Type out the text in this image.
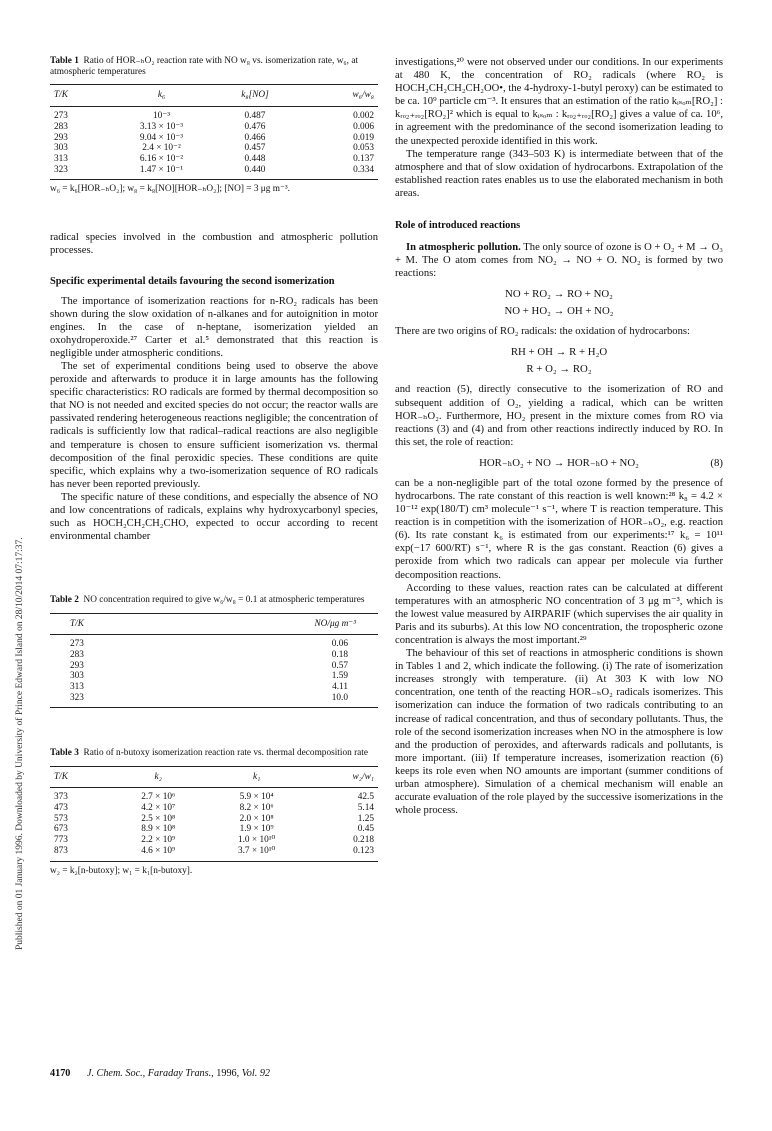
Published on 01 January 1996. Downloaded by University of Prince Edward Island on 28/10/2014 07:17:37.
Table 1 Ratio of HOR₋ₕO₂ reaction rate with NO w₈ vs. isomerization rate, w₆, at atmospheric temperatures
T/K	k₆	k₈[NO]	w₆/w₈
273	10⁻³	0.487	0.002
283	3.13 × 10⁻³	0.476	0.006
293	9.04 × 10⁻³	0.466	0.019
303	2.4 × 10⁻²	0.457	0.053
313	6.16 × 10⁻²	0.448	0.137
323	1.47 × 10⁻¹	0.440	0.334
w₆ = k₆[HOR₋ₕO₂]; w₈ = k₈[NO][HOR₋ₕO₂]; [NO] = 3 μg m⁻³.

radical species involved in the combustion and atmospheric pollution processes.

Specific experimental details favouring the second isomerization

The importance of isomerization reactions for n-RO₂ radicals has been shown during the slow oxidation of n-alkanes and for autoignition in motor engines. In the case of n-heptane, isomerization yielded an oxohydroperoxide.²⁷ Carter et al.⁵ demonstrated that this reaction is negligible under atmospheric conditions.

The set of experimental conditions being used to observe the above peroxide and afterwards to produce it in large amounts has the following specific characteristics: RO radicals are formed by thermal decomposition so that NO is not needed and excited species do not occur; the reactor walls are passivated rendering heterogeneous reactions negligible; the concentration of radicals is sufficiently low that radical–radical reactions are also negligible and temperature is chosen to ensure sufficient isomerization vs. thermal decomposition of the final peroxidic species. These conditions are quite specific, which explains why a two-isomerization sequence of RO radicals has never been reported previously.

The specific nature of these conditions, and especially the absence of NO and low concentrations of radicals, explains why hydroxycarbonyl species, such as HOCH₂CH₂CH₂CHO, expected to occur according to recent environmental chamber

Table 2 NO concentration required to give w₆/w₈ = 0.1 at atmospheric temperatures
T/K	NO/μg m⁻³
273	0.06
283	0.18
293	0.57
303	1.59
313	4.11
323	10.0
Table 3 Ratio of n-butoxy isomerization reaction rate vs. thermal decomposition rate
T/K	k₂	k₁	w₂/w₁
373	2.7 × 10⁶	5.9 × 10⁴	42.5
473	4.2 × 10⁷	8.2 × 10⁶	5.14
573	2.5 × 10⁸	2.0 × 10⁸	1.25
673	8.9 × 10⁸	1.9 × 10⁹	0.45
773	2.2 × 10⁹	1.0 × 10¹⁰	0.218
873	4.6 × 10⁹	3.7 × 10¹⁰	0.123
w₂ = k₂[n-butoxy]; w₁ = k₁[n-butoxy].

investigations,²⁰ were not observed under our conditions. In our experiments at 480 K, the concentration of RO₂ radicals (where RO₂ is HOCH₂CH₂CH₂CH₂OO•, the 4-hydroxy-1-butyl peroxy) can be estimated to be ca. 10⁹ particle cm⁻³. It ensures that an estimation of the ratio kᵢₛₒₘ[RO₂] : kᵣₒ₂₊ᵣₒ₂[RO₂]² which is equal to kᵢₛₒₘ : kᵣₒ₂₊ᵣₒ₂[RO₂] gives a value of ca. 10⁶, in agreement with the predominance of the second isomerization leading to the unexpected peroxide identified in this work.

The temperature range (343–503 K) is intermediate between that of the atmosphere and that of slow oxidation of hydrocarbons. Extrapolation of the established reaction rates enables us to use the elaborated mechanism in both areas.

Role of introduced reactions

In atmospheric pollution. The only source of ozone is O + O₂ + M → O₃ + M. The O atom comes from NO₂ → NO + O. NO₂ is formed by two reactions:

NO + RO₂ → RO + NO₂
NO + HO₂ → OH + NO₂

There are two origins of RO₂ radicals: the oxidation of hydrocarbons:

RH + OH → R + H₂O
R + O₂ → RO₂

and reaction (5), directly consecutive to the isomerization of RO and subsequent addition of O₂, yielding a radical, which can be written HOR₋ₕO₂. Furthermore, HO₂ present in the mixture comes from RO via reactions (3) and (4) and from other reactions indirectly induced by RO. In this set, the role of reaction:

HOR₋ₕO₂ + NO → HOR₋ₕO + NO₂	(8)

can be a non-negligible part of the total ozone formed by the presence of hydrocarbons. The rate constant of this reaction is well known:²⁸ k₈ = 4.2 × 10⁻¹² exp(180/T) cm³ molecule⁻¹ s⁻¹, where T is reaction temperature. This reaction is in competition with the isomerization of HOR₋ₕO₂, e.g. reaction (6). Its rate constant k₆ is estimated from our experiments:¹⁷ k₆ = 10¹¹ exp(−17 600/RT) s⁻¹, where R is the gas constant. Reaction (6) gives a peroxide from which two radicals can appear per molecule via further decomposition reactions.

According to these values, reaction rates can be calculated at different temperatures with an atmospheric NO concentration of 3 μg m⁻³, which is the lowest value measured by AIRPARIF (which supervises the air quality in Paris and its suburbs). At this low NO concentration, the tropospheric ozone concentration is always the most important.²⁹

The behaviour of this set of reactions in atmospheric conditions is shown in Tables 1 and 2, which indicate the following. (i) The rate of isomerization increases strongly with temperature. (ii) At 303 K with low NO concentration, one tenth of the reacting HOR₋ₕO₂ radicals isomerizes. This isomerization can induce the formation of two radicals contributing to an increase of radical concentration, and thus of secondary pollutants. Thus, the role of the second isomerization increases when NO in the atmosphere is low and the production of peroxides, and afterwards radicals and pollutants, is more important. (iii) If temperature increases, isomerization reaction (6) keeps its role even when NO amounts are important (summer conditions of urban atmosphere). Simulation of a chemical mechanism will enable an accurate evaluation of the role played by the successive isomerizations in the whole process.

4170 J. Chem. Soc., Faraday Trans., 1996, Vol. 92
